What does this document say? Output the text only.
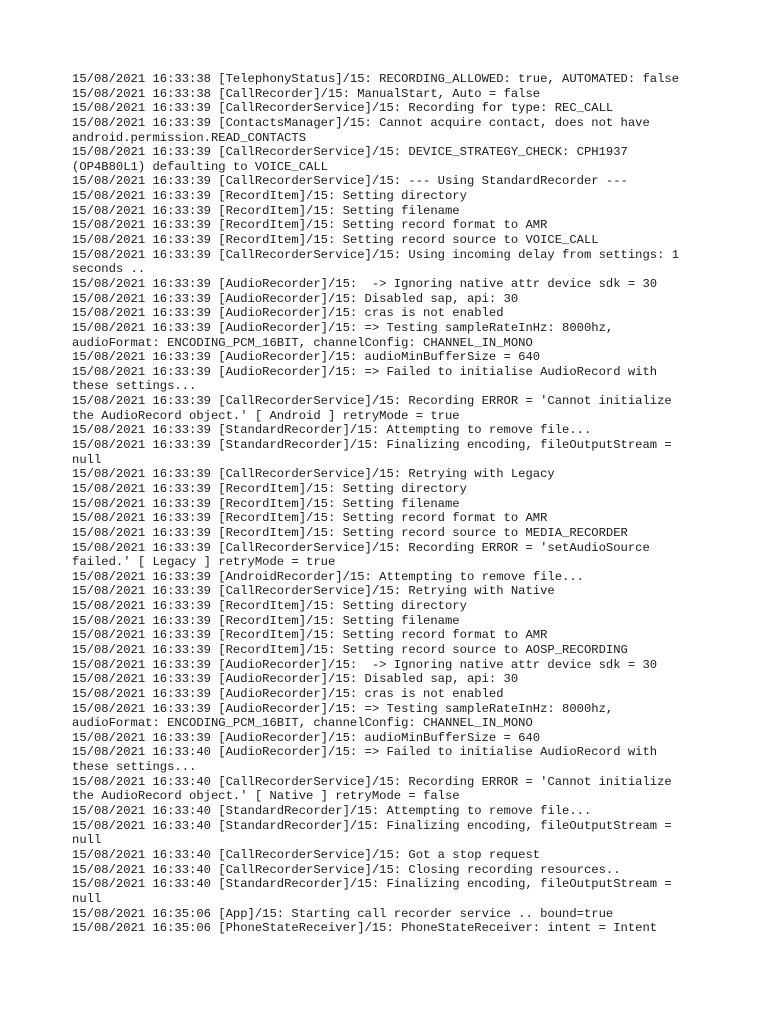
15/08/2021 16:33:38 [TelephonyStatus]/15: RECORDING_ALLOWED: true, AUTOMATED: false
15/08/2021 16:33:38 [CallRecorder]/15: ManualStart, Auto = false
15/08/2021 16:33:39 [CallRecorderService]/15: Recording for type: REC_CALL
15/08/2021 16:33:39 [ContactsManager]/15: Cannot acquire contact, does not have
android.permission.READ_CONTACTS
15/08/2021 16:33:39 [CallRecorderService]/15: DEVICE_STRATEGY_CHECK: CPH1937
(OP4B80L1) defaulting to VOICE_CALL
15/08/2021 16:33:39 [CallRecorderService]/15: --- Using StandardRecorder ---
15/08/2021 16:33:39 [RecordItem]/15: Setting directory
15/08/2021 16:33:39 [RecordItem]/15: Setting filename
15/08/2021 16:33:39 [RecordItem]/15: Setting record format to AMR
15/08/2021 16:33:39 [RecordItem]/15: Setting record source to VOICE_CALL
15/08/2021 16:33:39 [CallRecorderService]/15: Using incoming delay from settings: 1
seconds ..
15/08/2021 16:33:39 [AudioRecorder]/15:  -> Ignoring native attr device sdk = 30
15/08/2021 16:33:39 [AudioRecorder]/15: Disabled sap, api: 30
15/08/2021 16:33:39 [AudioRecorder]/15: cras is not enabled
15/08/2021 16:33:39 [AudioRecorder]/15: => Testing sampleRateInHz: 8000hz,
audioFormat: ENCODING_PCM_16BIT, channelConfig: CHANNEL_IN_MONO
15/08/2021 16:33:39 [AudioRecorder]/15: audioMinBufferSize = 640
15/08/2021 16:33:39 [AudioRecorder]/15: => Failed to initialise AudioRecord with
these settings...
15/08/2021 16:33:39 [CallRecorderService]/15: Recording ERROR = 'Cannot initialize
the AudioRecord object.' [ Android ] retryMode = true
15/08/2021 16:33:39 [StandardRecorder]/15: Attempting to remove file...
15/08/2021 16:33:39 [StandardRecorder]/15: Finalizing encoding, fileOutputStream =
null
15/08/2021 16:33:39 [CallRecorderService]/15: Retrying with Legacy
15/08/2021 16:33:39 [RecordItem]/15: Setting directory
15/08/2021 16:33:39 [RecordItem]/15: Setting filename
15/08/2021 16:33:39 [RecordItem]/15: Setting record format to AMR
15/08/2021 16:33:39 [RecordItem]/15: Setting record source to MEDIA_RECORDER
15/08/2021 16:33:39 [CallRecorderService]/15: Recording ERROR = 'setAudioSource
failed.' [ Legacy ] retryMode = true
15/08/2021 16:33:39 [AndroidRecorder]/15: Attempting to remove file...
15/08/2021 16:33:39 [CallRecorderService]/15: Retrying with Native
15/08/2021 16:33:39 [RecordItem]/15: Setting directory
15/08/2021 16:33:39 [RecordItem]/15: Setting filename
15/08/2021 16:33:39 [RecordItem]/15: Setting record format to AMR
15/08/2021 16:33:39 [RecordItem]/15: Setting record source to AOSP_RECORDING
15/08/2021 16:33:39 [AudioRecorder]/15:  -> Ignoring native attr device sdk = 30
15/08/2021 16:33:39 [AudioRecorder]/15: Disabled sap, api: 30
15/08/2021 16:33:39 [AudioRecorder]/15: cras is not enabled
15/08/2021 16:33:39 [AudioRecorder]/15: => Testing sampleRateInHz: 8000hz,
audioFormat: ENCODING_PCM_16BIT, channelConfig: CHANNEL_IN_MONO
15/08/2021 16:33:39 [AudioRecorder]/15: audioMinBufferSize = 640
15/08/2021 16:33:40 [AudioRecorder]/15: => Failed to initialise AudioRecord with
these settings...
15/08/2021 16:33:40 [CallRecorderService]/15: Recording ERROR = 'Cannot initialize
the AudioRecord object.' [ Native ] retryMode = false
15/08/2021 16:33:40 [StandardRecorder]/15: Attempting to remove file...
15/08/2021 16:33:40 [StandardRecorder]/15: Finalizing encoding, fileOutputStream =
null
15/08/2021 16:33:40 [CallRecorderService]/15: Got a stop request
15/08/2021 16:33:40 [CallRecorderService]/15: Closing recording resources..
15/08/2021 16:33:40 [StandardRecorder]/15: Finalizing encoding, fileOutputStream =
null
15/08/2021 16:35:06 [App]/15: Starting call recorder service .. bound=true
15/08/2021 16:35:06 [PhoneStateReceiver]/15: PhoneStateReceiver: intent = Intent
